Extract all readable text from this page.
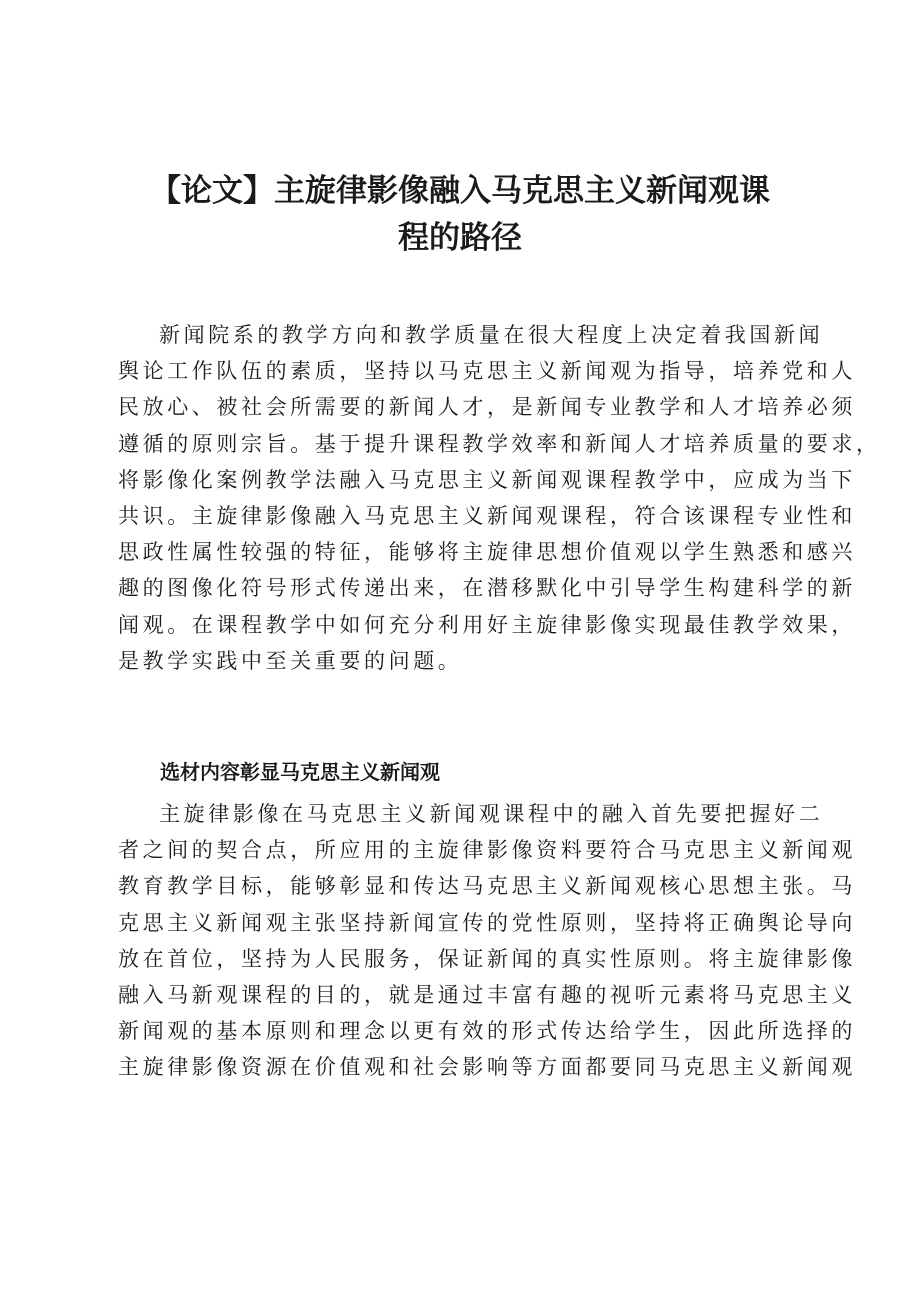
【论文】主旋律影像融入马克思主义新闻观课
程的路径
新闻院系的教学方向和教学质量在很大程度上决定着我国新闻
舆论工作队伍的素质，坚持以马克思主义新闻观为指导，培养党和人
民放心、被社会所需要的新闻人才，是新闻专业教学和人才培养必须
遵循的原则宗旨。基于提升课程教学效率和新闻人才培养质量的要求，
将影像化案例教学法融入马克思主义新闻观课程教学中，应成为当下
共识。主旋律影像融入马克思主义新闻观课程，符合该课程专业性和
思政性属性较强的特征，能够将主旋律思想价值观以学生熟悉和感兴
趣的图像化符号形式传递出来，在潜移默化中引导学生构建科学的新
闻观。在课程教学中如何充分利用好主旋律影像实现最佳教学效果，
是教学实践中至关重要的问题。
选材内容彰显马克思主义新闻观
主旋律影像在马克思主义新闻观课程中的融入首先要把握好二
者之间的契合点，所应用的主旋律影像资料要符合马克思主义新闻观
教育教学目标，能够彰显和传达马克思主义新闻观核心思想主张。马
克思主义新闻观主张坚持新闻宣传的党性原则，坚持将正确舆论导向
放在首位，坚持为人民服务，保证新闻的真实性原则。将主旋律影像
融入马新观课程的目的，就是通过丰富有趣的视听元素将马克思主义
新闻观的基本原则和理念以更有效的形式传达给学生，因此所选择的
主旋律影像资源在价值观和社会影响等方面都要同马克思主义新闻观
